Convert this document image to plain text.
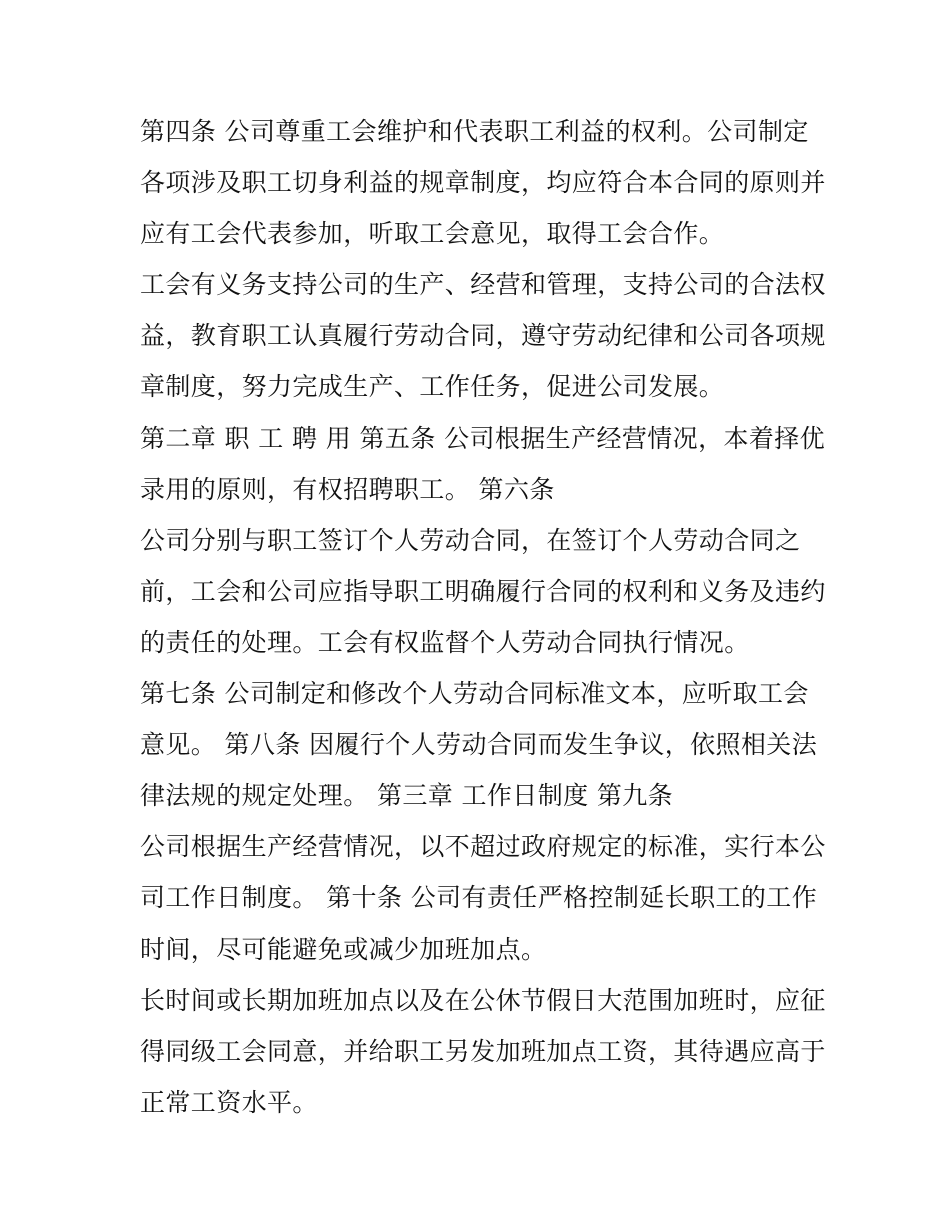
第四条 公司尊重工会维护和代表职工利益的权利。公司制定
各项涉及职工切身利益的规章制度，均应符合本合同的原则并
应有工会代表参加，听取工会意见，取得工会合作。
工会有义务支持公司的生产、经营和管理，支持公司的合法权
益，教育职工认真履行劳动合同，遵守劳动纪律和公司各项规
章制度，努力完成生产、工作任务，促进公司发展。
第二章 职 工 聘 用 第五条 公司根据生产经营情况，本着择优
录用的原则，有权招聘职工。 第六条
公司分别与职工签订个人劳动合同，在签订个人劳动合同之
前，工会和公司应指导职工明确履行合同的权利和义务及违约
的责任的处理。工会有权监督个人劳动合同执行情况。
第七条 公司制定和修改个人劳动合同标准文本，应听取工会
意见。 第八条 因履行个人劳动合同而发生争议，依照相关法
律法规的规定处理。 第三章 工作日制度 第九条
公司根据生产经营情况，以不超过政府规定的标准，实行本公
司工作日制度。 第十条 公司有责任严格控制延长职工的工作
时间，尽可能避免或减少加班加点。
长时间或长期加班加点以及在公休节假日大范围加班时，应征
得同级工会同意，并给职工另发加班加点工资，其待遇应高于
正常工资水平。
